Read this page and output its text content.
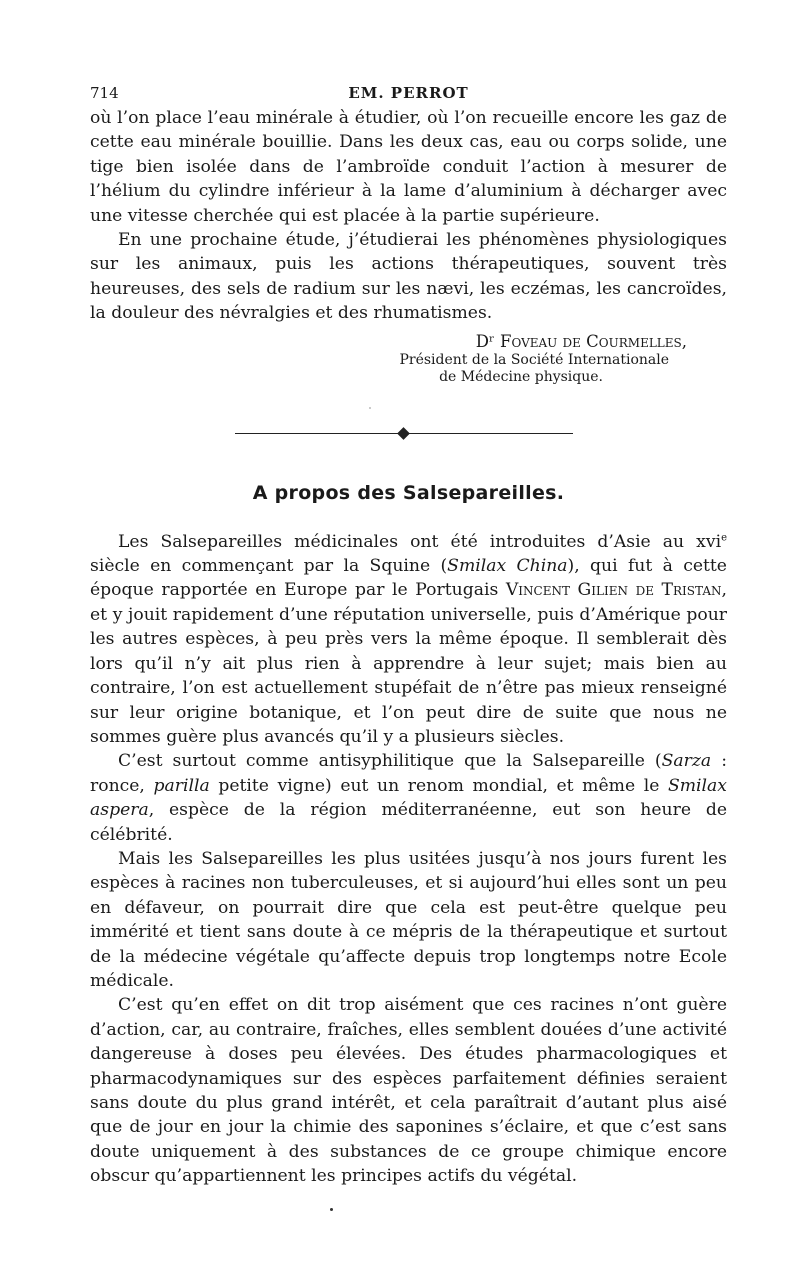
714	EM. PERROT

où l’on place l’eau minérale à étudier, où l’on recueille encore les gaz de cette eau minérale bouillie. Dans les deux cas, eau ou corps solide, une tige bien isolée dans de l’ambroïde conduit l’action à mesurer de l’hélium du cylindre inférieur à la lame d’aluminium à décharger avec une vitesse cherchée qui est placée à la partie supérieure.

En une prochaine étude, j’étudierai les phénomènes physiologiques sur les animaux, puis les actions thérapeutiques, souvent très heureuses, des sels de radium sur les nævi, les eczémas, les cancroïdes, la douleur des névralgies et des rhumatismes.

Dʳ Foveau de Courmelles,
Président de la Société Internationale
de Médecine physique.
A propos des Salsepareilles.

Les Salsepareilles médicinales ont été introduites d’Asie au xvi$^e$ siècle en commençant par la Squine (Smilax China), qui fut à cette époque rapportée en Europe par le Portugais Vincent Gilien de Tristan, et y jouit rapidement d’une réputation universelle, puis d’Amérique pour les autres espèces, à peu près vers la même époque. Il semblerait dès lors qu’il n’y ait plus rien à apprendre à leur sujet; mais bien au contraire, l’on est actuellement stupéfait de n’être pas mieux renseigné sur leur origine botanique, et l’on peut dire de suite que nous ne sommes guère plus avancés qu’il y a plusieurs siècles.

C’est surtout comme antisyphilitique que la Salsepareille (Sarza : ronce, parilla petite vigne) eut un renom mondial, et même le Smilax aspera, espèce de la région méditerranéenne, eut son heure de célébrité.

Mais les Salsepareilles les plus usitées jusqu’à nos jours furent les espèces à racines non tuberculeuses, et si aujourd’hui elles sont un peu en défaveur, on pourrait dire que cela est peut-être quelque peu immérité et tient sans doute à ce mépris de la thérapeutique et surtout de la médecine végétale qu’affecte depuis trop longtemps notre Ecole médicale.

C’est qu’en effet on dit trop aisément que ces racines n’ont guère d’action, car, au contraire, fraîches, elles semblent douées d’une activité dangereuse à doses peu élevées. Des études pharmacologiques et pharmacodynamiques sur des espèces parfaitement définies seraient sans doute du plus grand intérêt, et cela paraîtrait d’autant plus aisé que de jour en jour la chimie des saponines s’éclaire, et que c’est sans doute uniquement à des substances de ce groupe chimique encore obscur qu’appartiennent les principes actifs du végétal.
